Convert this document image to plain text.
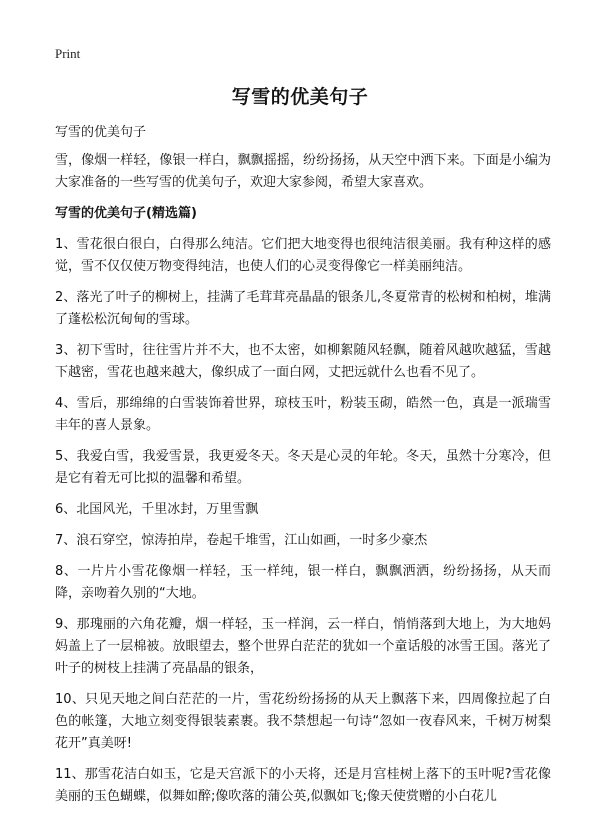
Print
写雪的优美句子
写雪的优美句子

雪，像烟一样轻，像银一样白，飘飘摇摇，纷纷扬扬，从天空中洒下来。下面是小编为大家准备的一些写雪的优美句子，欢迎大家参阅，希望大家喜欢。

写雪的优美句子(精选篇)

1、雪花很白很白，白得那么纯洁。它们把大地变得也很纯洁很美丽。我有种这样的感觉，雪不仅仅使万物变得纯洁，也使人们的心灵变得像它一样美丽纯洁。

2、落光了叶子的柳树上，挂满了毛茸茸亮晶晶的银条儿,冬夏常青的松树和柏树，堆满了蓬松松沉甸甸的雪球。

3、初下雪时，往往雪片并不大，也不太密，如柳絮随风轻飘，随着风越吹越猛，雪越下越密，雪花也越来越大，像织成了一面白网，丈把远就什么也看不见了。

4、雪后，那绵绵的白雪装饰着世界，琼枝玉叶，粉装玉砌，皓然一色，真是一派瑞雪丰年的喜人景象。

5、我爱白雪，我爱雪景，我更爱冬天。冬天是心灵的年轮。冬天，虽然十分寒冷，但是它有着无可比拟的温馨和希望。

6、北国风光，千里冰封，万里雪飘

7、浪石穿空，惊涛拍岸，卷起千堆雪，江山如画，一时多少豪杰

8、一片片小雪花像烟一样轻，玉一样纯，银一样白，飘飘洒洒，纷纷扬扬，从天而降，亲吻着久别的“大地。

9、那瑰丽的六角花瓣，烟一样轻，玉一样润，云一样白，悄悄落到大地上，为大地妈妈盖上了一层棉被。放眼望去，整个世界白茫茫的犹如一个童话般的冰雪王国。落光了叶子的树枝上挂满了亮晶晶的银条，

10、只见天地之间白茫茫的一片，雪花纷纷扬扬的从天上飘落下来，四周像拉起了白色的帐篷，大地立刻变得银装素裹。我不禁想起一句诗“忽如一夜春风来，千树万树梨花开”真美呀!

11、那雪花洁白如玉，它是天宫派下的小天将，还是月宫桂树上落下的玉叶呢?雪花像美丽的玉色蝴蝶，似舞如醉;像吹落的蒲公英,似飘如飞;像天使赏赠的小白花儿
